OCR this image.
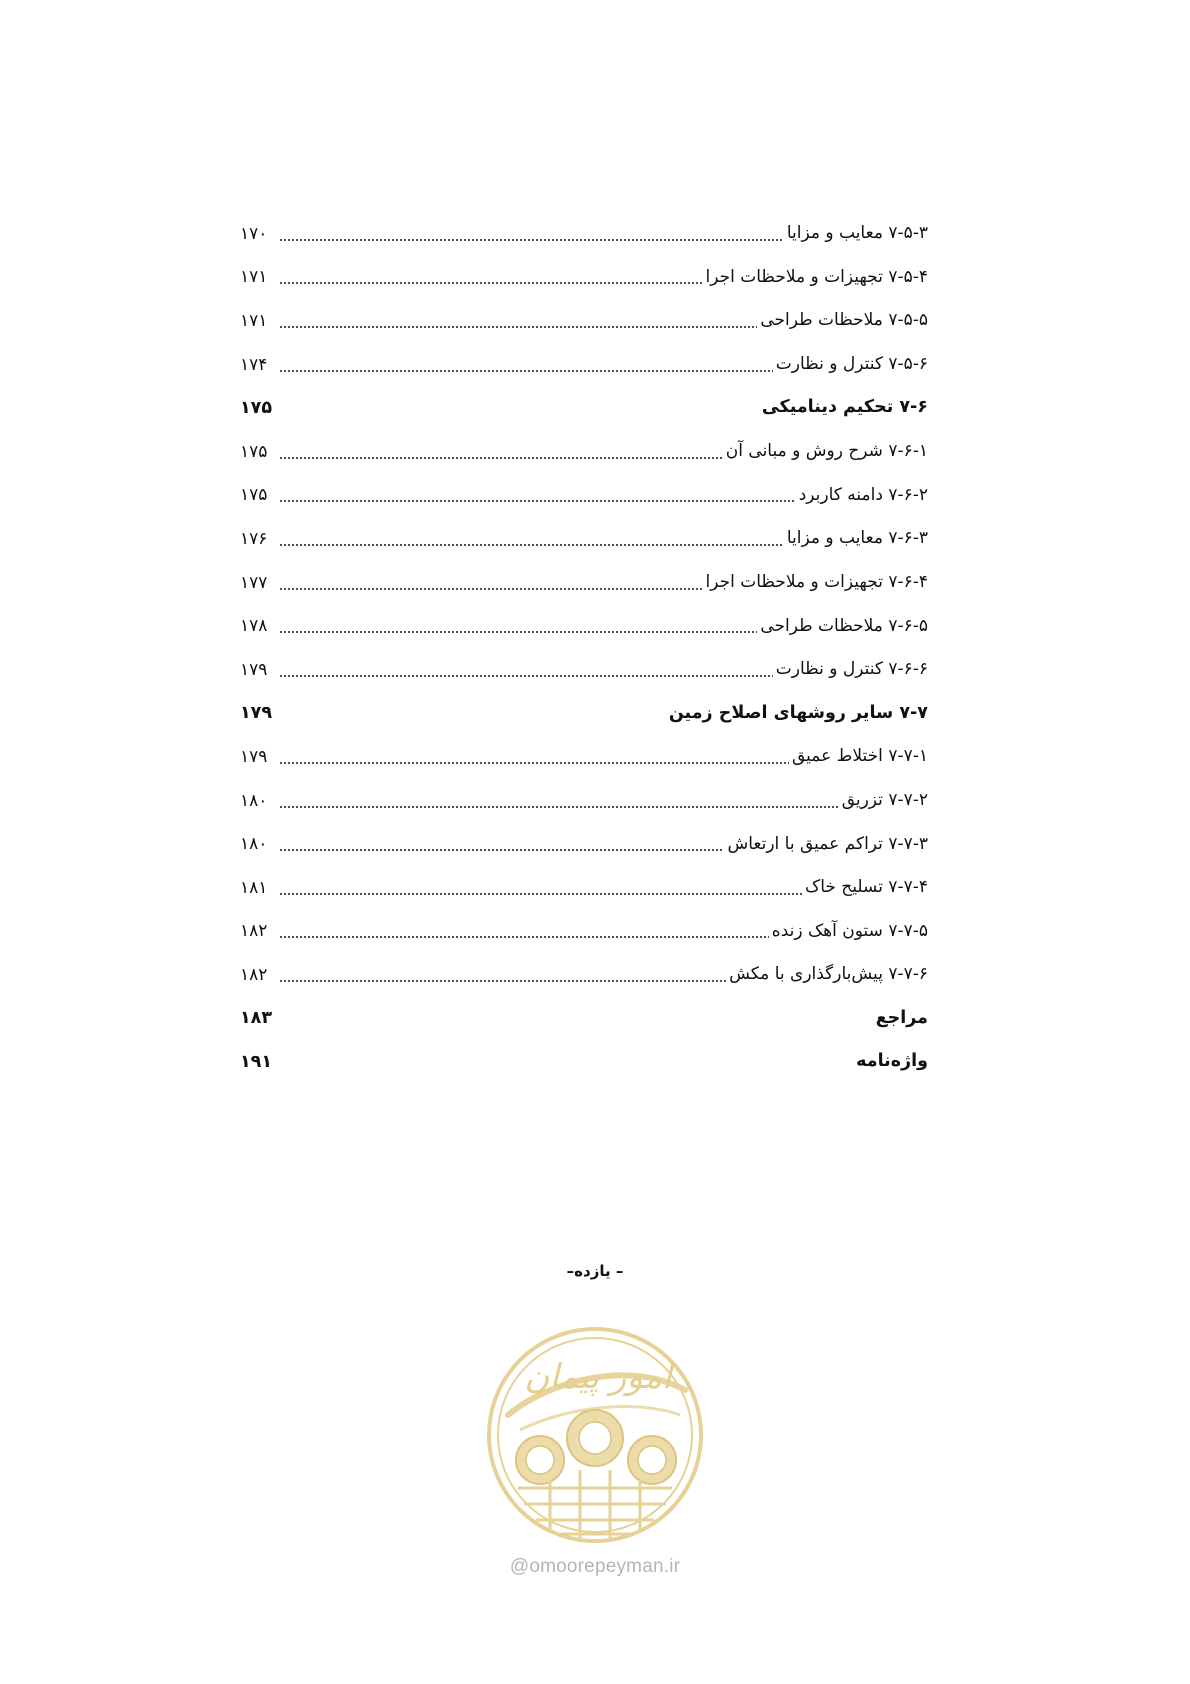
۷-۵-۳ معایب و مزایا
۱۷۰
۷-۵-۴ تجهیزات و ملاحظات اجرا
۱۷۱
۷-۵-۵ ملاحظات طراحی
۱۷۱
۷-۵-۶ کنترل و نظارت
۱۷۴
۷-۶ تحکیم دینامیکی
۱۷۵
۷-۶-۱ شرح روش و مبانی آن
۱۷۵
۷-۶-۲ دامنه کاربرد
۱۷۵
۷-۶-۳ معایب و مزایا
۱۷۶
۷-۶-۴ تجهیزات و ملاحظات اجرا
۱۷۷
۷-۶-۵ ملاحظات طراحی
۱۷۸
۷-۶-۶ کنترل و نظارت
۱۷۹
۷-۷ سایر روشهای اصلاح زمین
۱۷۹
۷-۷-۱ اختلاط عمیق
۱۷۹
۷-۷-۲ تزریق
۱۸۰
۷-۷-۳ تراکم عمیق با ارتعاش
۱۸۰
۷-۷-۴ تسلیح خاک
۱۸۱
۷-۷-۵ ستون آهک زنده
۱۸۲
۷-۷-۶ پیش‌بارگذاری با مکش
۱۸۲
مراجع
۱۸۳
واژه‌نامه
۱۹۱
– یازده–
امور پیمان
@omoorepeyman.ir
